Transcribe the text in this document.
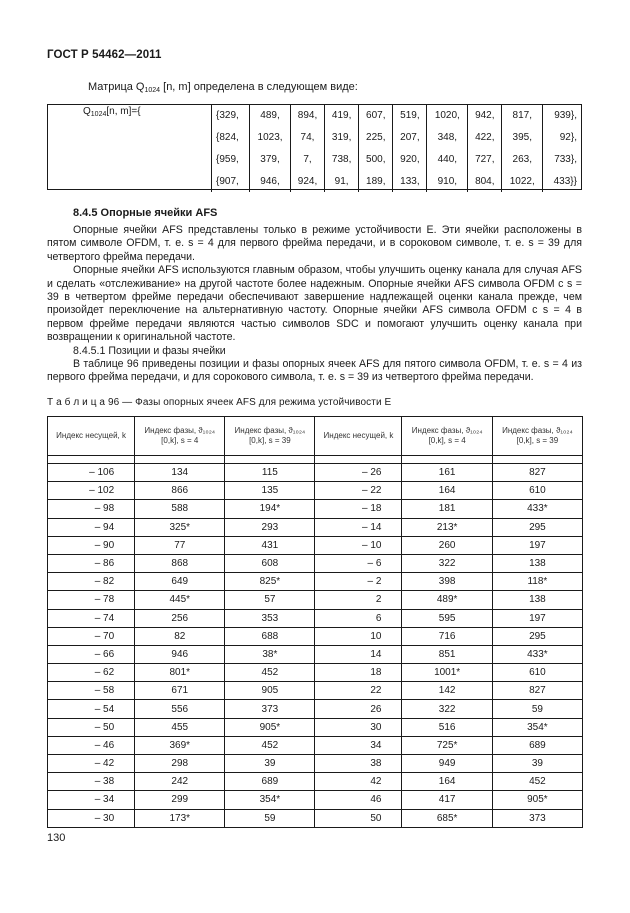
ГОСТ Р 54462—2011
Матрица $Q_{1024}$ [n, m] определена в следующем виде:
$Q_{1024}[n$, m]={	{329,	489,	894,	419,	607,	519,	1020,	942,	817,	939},
	{824,	1023,	74,	319,	225,	207,	348,	422,	395,	92},
	{959,	379,	7,	738,	500,	920,	440,	727,	263,	733},
	{907,	946,	924,	91,	189,	133,	910,	804,	1022,	433}}
8.4.5 Опорные ячейки AFS

Опорные ячейки AFS представлены только в режиме устойчивости E. Эти ячейки расположены в пятом символе OFDM, т. е. s = 4 для первого фрейма передачи, и в сороковом символе, т. е. s = 39 для четвертого фрейма передачи.

Опорные ячейки AFS используются главным образом, чтобы улучшить оценку канала для случая AFS и сделать «отслеживание» на другой частоте более надежным. Опорные ячейки AFS символа OFDM c s = 39 в четвертом фрейме передачи обеспечивают завершение надлежащей оценки канала прежде, чем произойдет переключение на альтернативную частоту. Опорные ячейки AFS символа OFDM c s = 4 в первом фрейме передачи являются частью символов SDC и помогают улучшить оценку канала при возвращении к оригинальной частоте.

8.4.5.1 Позиции и фазы ячейки

В таблице 96 приведены позиции и фазы опорных ячеек AFS для пятого символа OFDM, т. е. s = 4 из первого фрейма передачи, и для сорокового символа, т. е. s = 39 из четвертого фрейма передачи.

Т а б л и ц а 96 — Фазы опорных ячеек AFS для режима устойчивости E
Индекс несущей, k	Индекс фазы, ϑ₁₀₂₄ [0,k], s = 4	Индекс фазы, ϑ₁₀₂₄ [0,k], s = 39	Индекс несущей, k	Индекс фазы, ϑ₁₀₂₄ [0,k], s = 4	Индекс фазы, ϑ₁₀₂₄ [0,k], s = 39

– 106	134	115	– 26	161	827
– 102	866	135	– 22	164	610
– 98	588	194*	– 18	181	433*
– 94	325*	293	– 14	213*	295
– 90	77	431	– 10	260	197
– 86	868	608	– 6	322	138
– 82	649	825*	– 2	398	118*
– 78	445*	57	2	489*	138
– 74	256	353	6	595	197
– 70	82	688	10	716	295
– 66	946	38*	14	851	433*
– 62	801*	452	18	1001*	610
– 58	671	905	22	142	827
– 54	556	373	26	322	59
– 50	455	905*	30	516	354*
– 46	369*	452	34	725*	689
– 42	298	39	38	949	39
– 38	242	689	42	164	452
– 34	299	354*	46	417	905*
– 30	173*	59	50	685*	373
130
